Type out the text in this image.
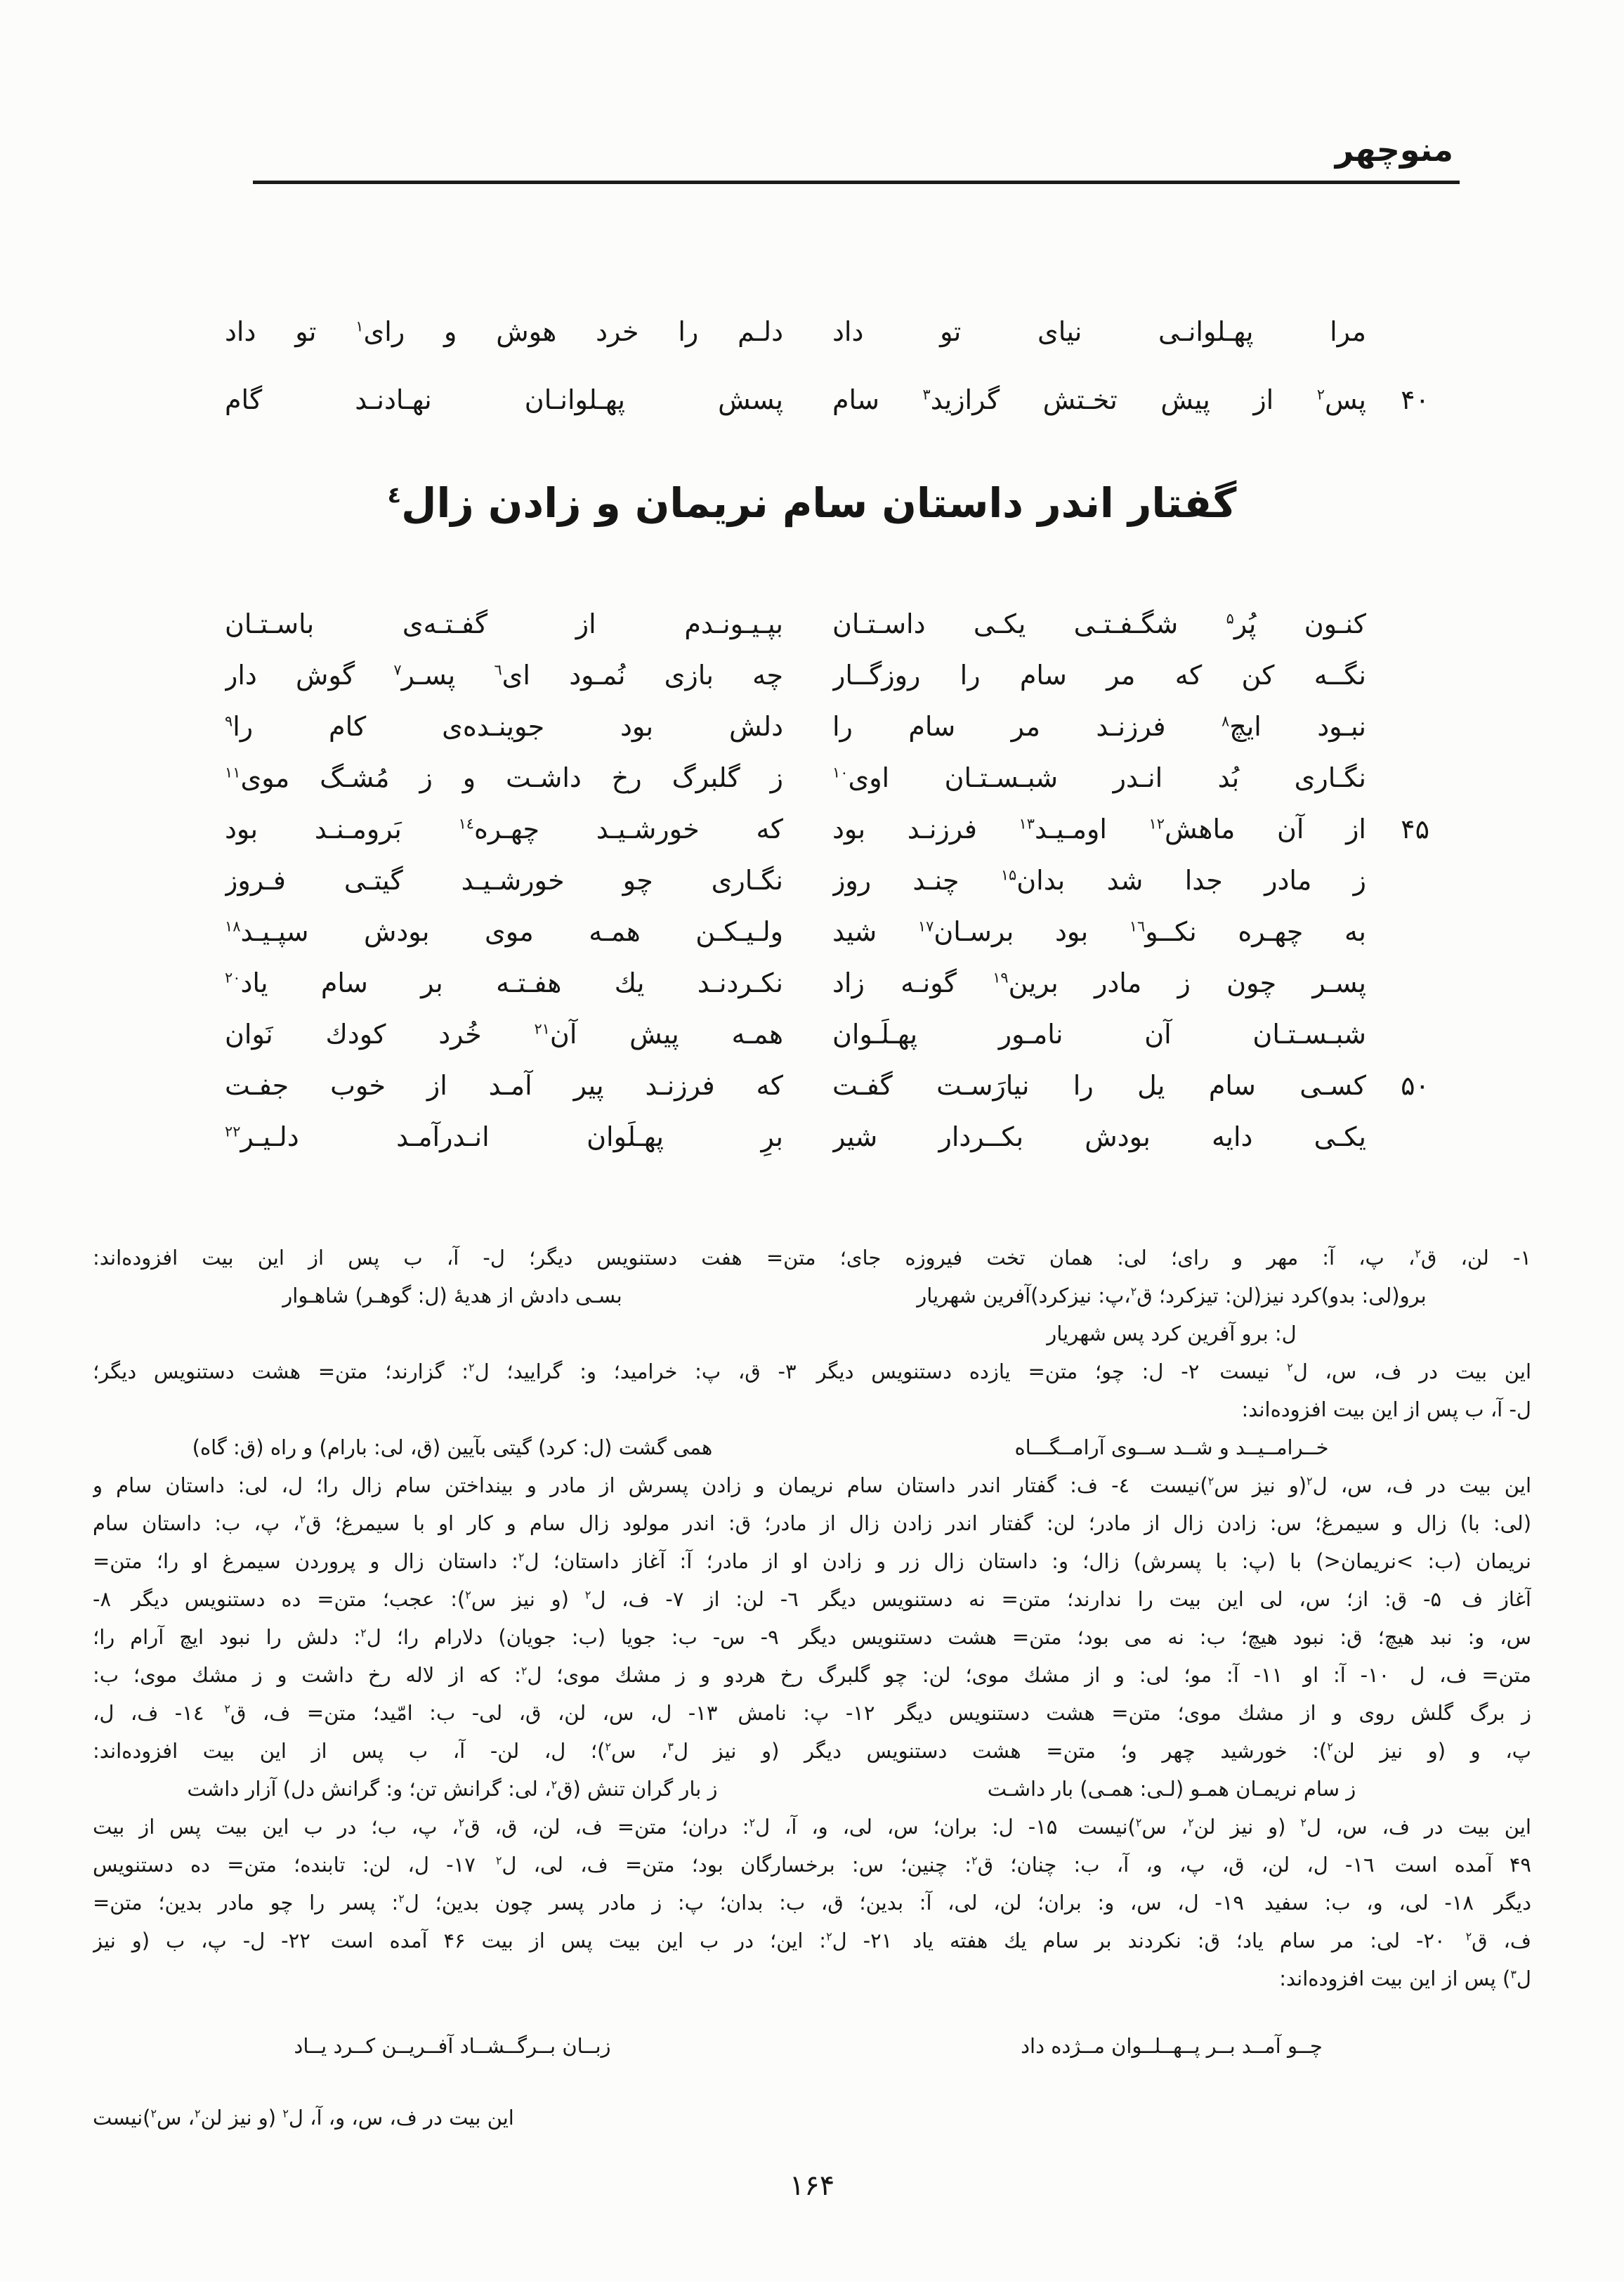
منوچهر
مرا پهـلوانـی نیای تو داد
دلـم را خرد هوش و رای$^۱$ تو داد
۴۰
پس$^۲$ از پیش تخـتش گرازید$^۳$ سام
پسش پهـلوانـان نهـادنـد گام
گفتار اندر داستان سام نریمان و زادن زال$^٤$
کنـون پُر$^۵$ شگـفـتـی یکـی داسـتـان
بپـیـونـدم از گفـتـه‌ی باسـتـان
نگــه کن که مر سام را روزگــار
چه بازی نُمـود ای$^٦$ پسـر$^۷$ گوش دار
نبـود ایچ$^۸$ فرزنـد مر سام را
دلش بود جوینـده‌ی کام را$^۹$
نگـاری بُد انـدر شبـسـتـان اوی$^{۱۰}$
ز گلبرگ رخ داشـت و ز مُشـگ موی$^{۱۱}$
۴۵
از آن ماهش$^{۱۲}$ اومـیـد$^{۱۳}$ فرزنـد بود
که خورشـیـد چهـره$^{۱٤}$ بَرومـنـد بود
ز مادر جدا شد بدان$^{۱۵}$ چنـد روز
نگـاری چو خورشـیـد گیتـی فـروز
به چهـره نکــو$^{۱٦}$ بود برسـان$^{۱۷}$ شید
ولـیـکـن همـه موی بودش سپـیـد$^{۱۸}$
پسـر چون ز مادر برین$^{۱۹}$ گونـه زاد
نکـردنـد یك هفـتـه بر سام یاد$^{۲۰}$
شبـسـتـان آن نامـور پهـلَـوان
همـه پیش آن$^{۲۱}$ خُرد کودك نَوان
۵۰
کسـی سام یل را نیارَسـت گفـت
که فرزنـد پیر آمـد از خوب جفـت
یکـی دایه بودش بکــردار شیر
برِ پهـلَوان انـدرآمـد دلـیـر$^{۲۲}$
۱- لن، ق$^۲$، پ، آ: مهر و رای؛ لی: همان تخت فیروزه جای؛ متن= هفت دستنویس دیگر؛ ل- آ، ب پس از این بیت افزوده‌اند:
برو(لی: بدو)کرد نیز(لن: تیزکرد؛ ق$^۲$،پ: نیزکرد)آفرین شهریار
بسـی دادش از هدیهٔ (ل: گوهـر) شاهـوار
ل: برو آفرین کرد پس شهریار
این بیت در ف، س، ل$^۲$ نیست ۲- ل: چو؛ متن= یازده دستنویس دیگر ۳- ق، پ: خرامید؛ و: گرایید؛ ل$^۲$: گزارند؛ متن= هشت دستنویس دیگر؛
ل- آ، ب پس از این بیت افزوده‌اند:
خــرامــیــد و شــد ســوی آرامــگـــاه
همی گشت (ل: کرد) گیتی بآیین (ق، لی: بارام) و راه (ق: گاه)
این بیت در ف، س، ل$^۲$(و نیز س$^۲$)نیست ٤- ف: گفتار اندر داستان سام نریمان و زادن پسرش از مادر و بینداختن سام زال را؛ ل، لی: داستان سام و
(لی: با) زال و سیمرغ؛ س: زادن زال از مادر؛ لن: گفتار اندر زادن زال از مادر؛ ق: اندر مولود زال سام و کار او با سیمرغ؛ ق$^۲$، پ، ب: داستان سام
نریمان (ب: >نریمان<) با (پ: با پسرش) زال؛ و: داستان زال زر و زادن او از مادر؛ آ: آغاز داستان؛ ل$^۲$: داستان زال و پروردن سیمرغ او را؛ متن=
آغاز ف ۵- ق: از؛ س، لی این بیت را ندارند؛ متن= نه دستنویس دیگر ٦- لن: از ۷- ف، ل$^۲$ (و نیز س$^۲$): عجب؛ متن= ده دستنویس دیگر ۸-
س، و: نبد هیچ؛ ق: نبود هیچ؛ ب: نه می بود؛ متن= هشت دستنویس دیگر ۹- س- ب: جویا (ب: جویان) دلارام را؛ ل$^۲$: دلش را نبود ایچ آرام را؛
متن= ف، ل ۱۰- آ: او ۱۱- آ: مو؛ لی: و از مشك موی؛ لن: چو گلبرگ رخ هردو و ز مشك موی؛ ل$^۲$: که از لاله رخ داشت و ز مشك موی؛ ب:
ز برگ گلش روی و از مشك موی؛ متن= هشت دستنویس دیگر ۱۲- پ: نامش ۱۳- ل، س، لن، ق، لی- ب: امّید؛ متن= ف، ق$^۲$ ۱٤- ف، ل،
پ، و (و نیز لن$^۲$): خورشید چهر و؛ متن= هشت دستنویس دیگر (و نیز ل$^۳$، س$^۲$)؛ ل، لن- آ، ب پس از این بیت افزوده‌اند:
ز سام نریمـان همـو (لـی: همـی) بار داشـت
ز بار گران تنش (ق$^۲$، لی: گرانش تن؛ و: گرانش دل) آزار داشت
این بیت در ف، س، ل$^۲$ (و نیز لن$^۲$، س$^۲$)نیست ۱۵- ل: بران؛ س، لی، و، آ، ل$^۲$: دران؛ متن= ف، لن، ق، ق$^۲$، پ، ب؛ در ب این بیت پس از بیت
۴۹ آمده است ۱٦- ل، لن، ق، پ، و، آ، ب: چنان؛ ق$^۲$: چنین؛ س: برخسارگان بود؛ متن= ف، لی، ل$^۲$ ۱۷- ل، لن: تابنده؛ متن= ده دستنویس
دیگر ۱۸- لی، و، ب: سفید ۱۹- ل، س، و: بران؛ لن، لی، آ: بدین؛ ق، ب: بدان؛ پ: ز مادر پسر چون بدین؛ ل$^۲$: پسر را چو مادر بدین؛ متن=
ف، ق$^۲$ ۲۰- لی: مر سام یاد؛ ق: نکردند بر سام یك هفته یاد ۲۱- ل$^۲$: این؛ در ب این بیت پس از بیت ۴۶ آمده است ۲۲- ل- پ، ب (و نیز
ل$^۳$) پس از این بیت افزوده‌اند:
چــو آمــد بــر پــهــلــوان مــژده داد
زبــان بــرگــشــاد آفــریــن کــرد یــاد
این بیت در ف، س، و، آ، ل$^۲$ (و نیز لن$^۲$، س$^۲$)نیست
۱۶۴
